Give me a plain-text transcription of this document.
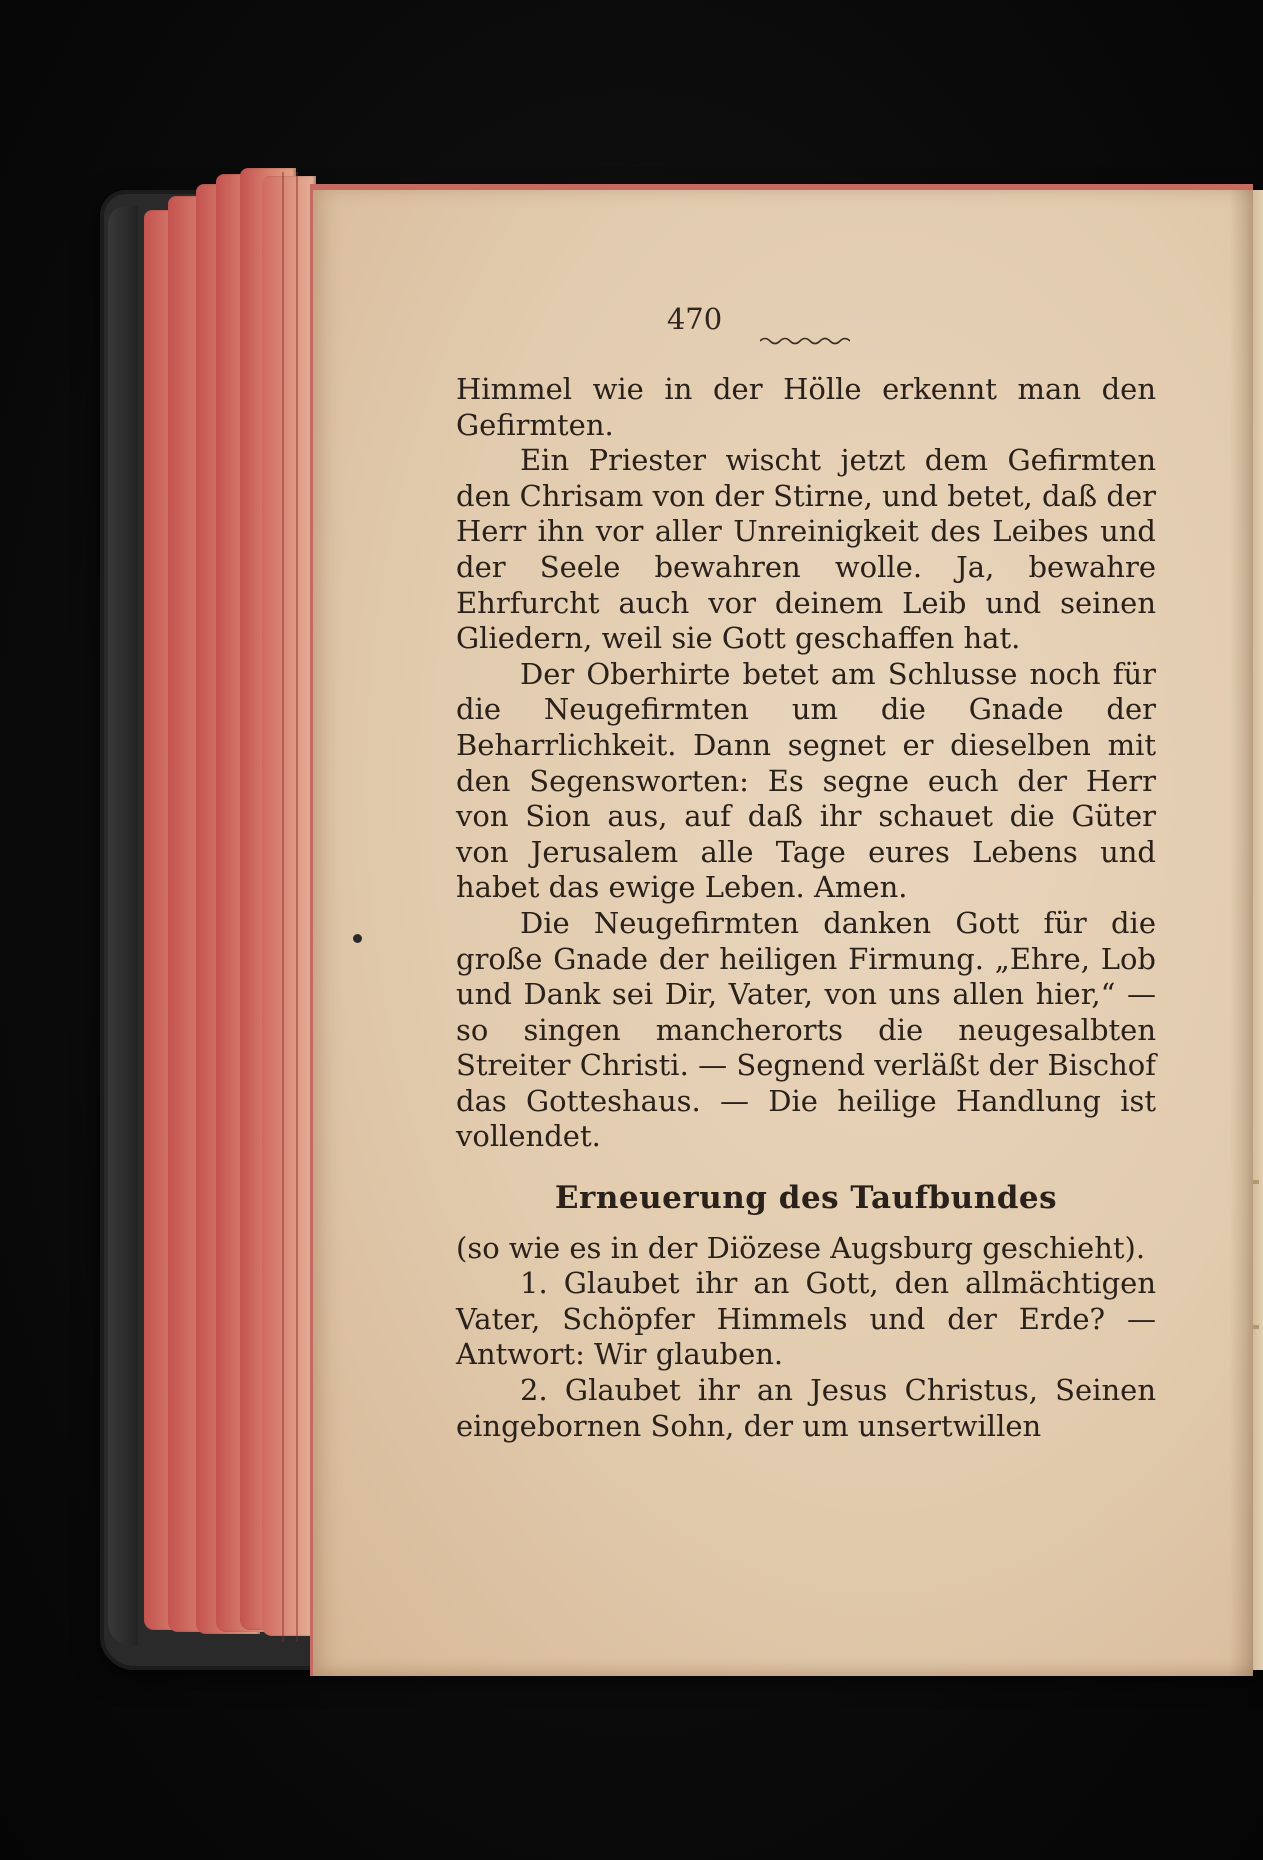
470

Himmel wie in der Hölle erkennt man den Gefirmten.

Ein Priester wischt jetzt dem Gefirmten den Chrisam von der Stirne, und betet, daß der Herr ihn vor aller Unreinigkeit des Leibes und der Seele bewahren wolle. Ja, bewahre Ehrfurcht auch vor deinem Leib und seinen Gliedern, weil sie Gott geschaffen hat.

Der Oberhirte betet am Schlusse noch für die Neugefirmten um die Gnade der Beharrlichkeit. Dann segnet er dieselben mit den Segensworten: Es segne euch der Herr von Sion aus, auf daß ihr schauet die Güter von Jerusalem alle Tage eures Lebens und habet das ewige Leben. Amen.

Die Neugefirmten danken Gott für die große Gnade der heiligen Firmung. „Ehre, Lob und Dank sei Dir, Vater, von uns allen hier,“ — so singen mancherorts die neugesalbten Streiter Christi. — Segnend verläßt der Bischof das Gotteshaus. — Die heilige Handlung ist vollendet.

Erneuerung des Taufbundes

(so wie es in der Diözese Augsburg geschieht).

1. Glaubet ihr an Gott, den allmächtigen Vater, Schöpfer Himmels und der Erde? — Antwort: Wir glauben.

2. Glaubet ihr an Jesus Christus, Seinen eingebornen Sohn, der um unsertwillen
